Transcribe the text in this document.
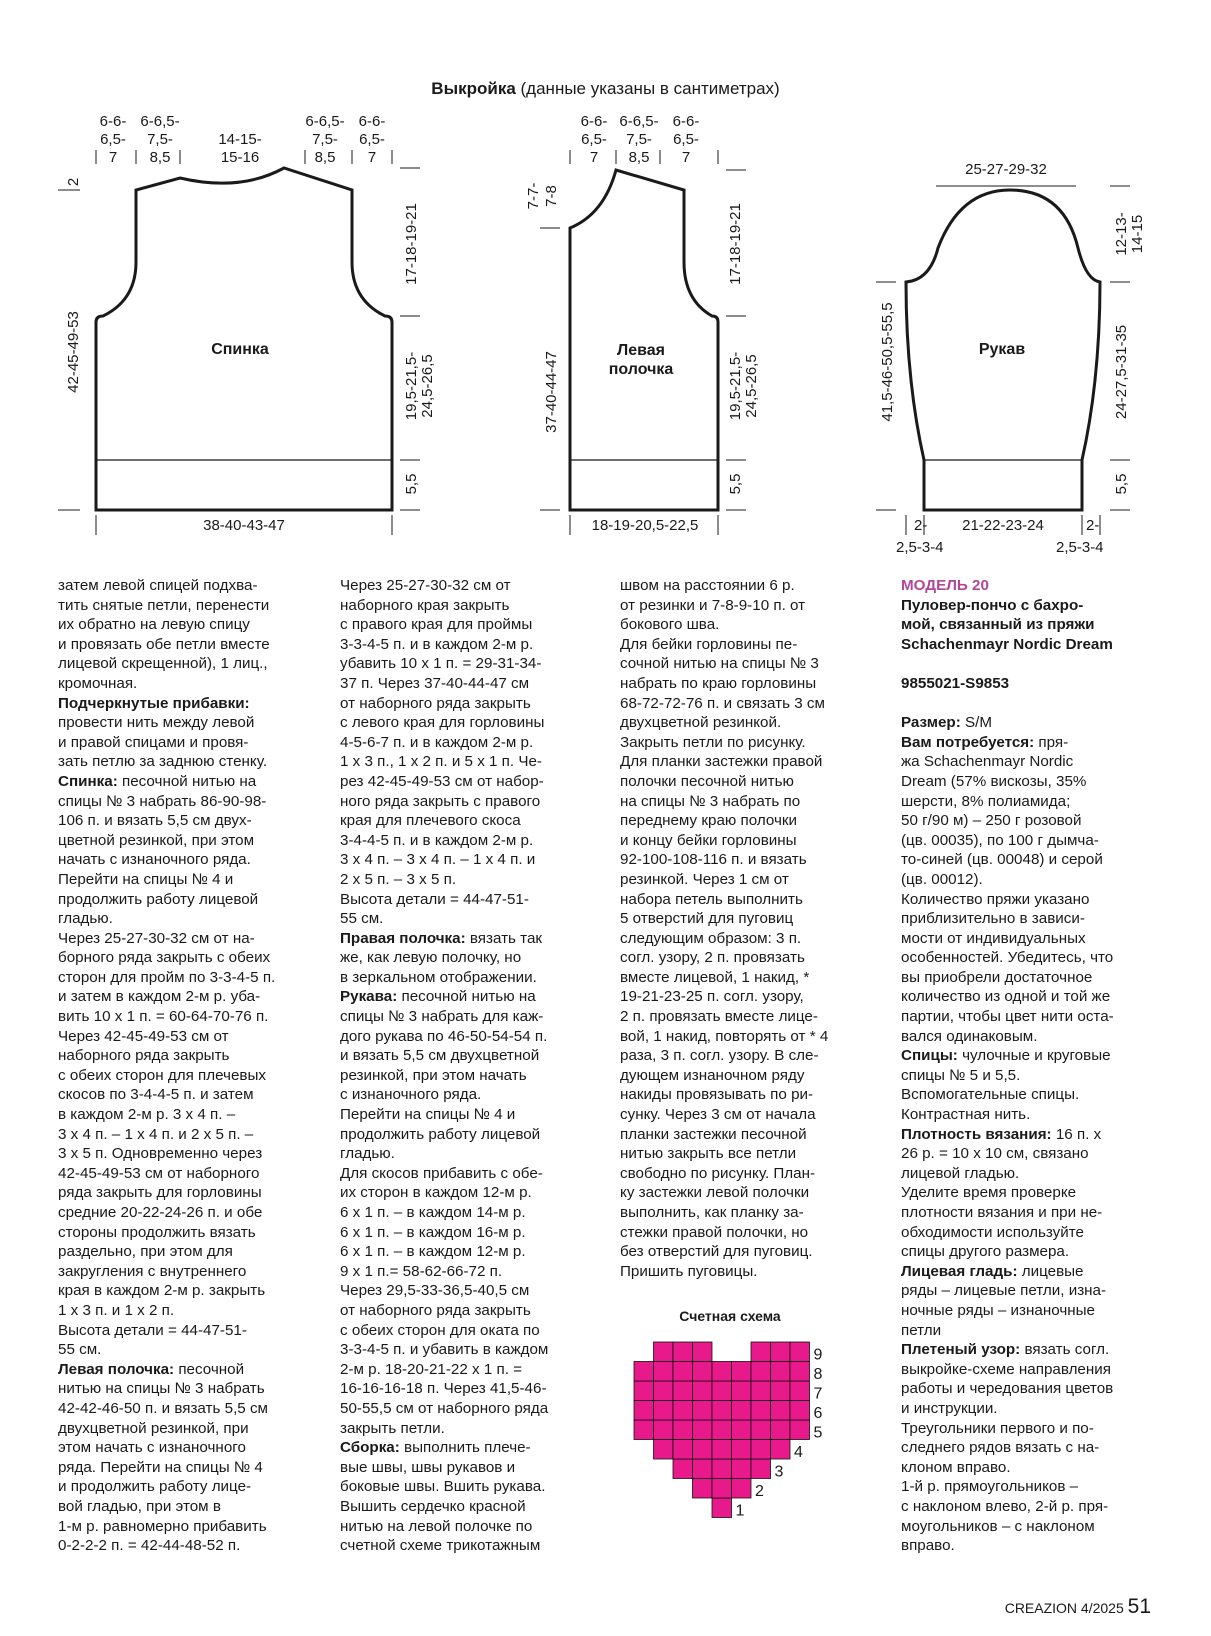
Выкройка (данные указаны в сантиметрах)
Спинка
6-6-
6,5-
7
6-6,5-
7,5-
8,5
14-15-
15-16
6-6,5-
7,5-
8,5
6-6-
6,5-
7
2
42-45-49-53
17-18-19-21
19,5-21,5- 24,5-26,5
5,5
38-40-43-47
Левая
полочка
6-6-
6,5-
7
6-6,5-
7,5-
8,5
6-6-
6,5-
7
7-7- 7-8
37-40-44-47
17-18-19-21
19,5-21,5- 24,5-26,5
5,5
18-19-20,5-22,5
Рукав
25-27-29-32
12-13- 14-15
41,5-46-50,5-55,5	24-27,5-31-35
5,5
2-
2,5-3-4
21-22-23-24	2-
2,5-3-4
затем левой спицей подхва-
тить снятые петли, перенести
их обратно на левую спицу
и провязать обе петли вместе
лицевой скрещенной), 1 лиц.,
кромочная.
Подчеркнутые прибавки:
провести нить между левой
и правой спицами и провя-
зать петлю за заднюю стенку.
Спинка: песочной нитью на
спицы № 3 набрать 86-90-98-
106 п. и вязать 5,5 см двух-
цветной резинкой, при этом
начать с изнаночного ряда.
Перейти на спицы № 4 и
продолжить работу лицевой
гладью.
Через 25-27-30-32 см от на-
борного ряда закрыть с обеих
сторон для пройм по 3-3-4-5 п.
и затем в каждом 2-м р. уба-
вить 10 х 1 п. = 60-64-70-76 п.
Через 42-45-49-53 см от
наборного ряда закрыть
с обеих сторон для плечевых
скосов по 3-4-4-5 п. и затем
в каждом 2-м р. 3 х 4 п. –
3 х 4 п. – 1 х 4 п. и 2 х 5 п. –
3 х 5 п. Одновременно через
42-45-49-53 см от наборного
ряда закрыть для горловины
средние 20-22-24-26 п. и обе
стороны продолжить вязать
раздельно, при этом для
закругления с внутреннего
края в каждом 2-м р. закрыть
1 х 3 п. и 1 х 2 п.
Высота детали = 44-47-51-
55 см.
Левая полочка: песочной
нитью на спицы № 3 набрать
42-42-46-50 п. и вязать 5,5 см
двухцветной резинкой, при
этом начать с изнаночного
ряда. Перейти на спицы № 4
и продолжить работу лице-
вой гладью, при этом в
1-м р. равномерно прибавить
0-2-2-2 п. = 42-44-48-52 п.
Через 25-27-30-32 см от
наборного края закрыть
с правого края для проймы
3-3-4-5 п. и в каждом 2-м р.
убавить 10 х 1 п. = 29-31-34-
37 п. Через 37-40-44-47 см
от наборного ряда закрыть
с левого края для горловины
4-5-6-7 п. и в каждом 2-м р.
1 х 3 п., 1 х 2 п. и 5 х 1 п. Че-
рез 42-45-49-53 см от набор-
ного ряда закрыть с правого
края для плечевого скоса
3-4-4-5 п. и в каждом 2-м р.
3 х 4 п. – 3 х 4 п. – 1 х 4 п. и
2 х 5 п. – 3 х 5 п.
Высота детали = 44-47-51-
55 см.
Правая полочка: вязать так
же, как левую полочку, но
в зеркальном отображении.
Рукава: песочной нитью на
спицы № 3 набрать для каж-
дого рукава по 46-50-54-54 п.
и вязать 5,5 см двухцветной
резинкой, при этом начать
с изнаночного ряда.
Перейти на спицы № 4 и
продолжить работу лицевой
гладью.
Для скосов прибавить с обе-
их сторон в каждом 12-м р.
6 х 1 п. – в каждом 14-м р.
6 х 1 п. – в каждом 16-м р.
6 х 1 п. – в каждом 12-м р.
9 х 1 п.= 58-62-66-72 п.
Через 29,5-33-36,5-40,5 см
от наборного ряда закрыть
с обеих сторон для оката по
3-3-4-5 п. и убавить в каждом
2-м р. 18-20-21-22 х 1 п. =
16-16-16-18 п. Через 41,5-46-
50-55,5 см от наборного ряда
закрыть петли.
Сборка: выполнить плече-
вые швы, швы рукавов и
боковые швы. Вшить рукава.
Вышить сердечко красной
нитью на левой полочке по
счетной схеме трикотажным
швом на расстоянии 6 р.
от резинки и 7-8-9-10 п. от
бокового шва.
Для бейки горловины пе-
сочной нитью на спицы № 3
набрать по краю горловины
68-72-72-76 п. и связать 3 см
двухцветной резинкой.
Закрыть петли по рисунку.
Для планки застежки правой
полочки песочной нитью
на спицы № 3 набрать по
переднему краю полочки
и концу бейки горловины
92-100-108-116 п. и вязать
резинкой. Через 1 см от
набора петель выполнить
5 отверстий для пуговиц
следующим образом: 3 п.
согл. узору, 2 п. провязать
вместе лицевой, 1 накид, *
19-21-23-25 п. согл. узору,
2 п. провязать вместе лице-
вой, 1 накид, повторять от * 4
раза, 3 п. согл. узору. В сле-
дующем изнаночном ряду
накиды провязывать по ри-
сунку. Через 3 см от начала
планки застежки песочной
нитью закрыть все петли
свободно по рисунку. План-
ку застежки левой полочки
выполнить, как планку за-
стежки правой полочки, но
без отверстий для пуговиц.
Пришить пуговицы.
МОДЕЛЬ 20
Пуловер-пончо с бахро-
мой, связанный из пряжи
Schachenmayr Nordic Dream

9855021-S9853

Размер: S/M
Вам потребуется: пря-
жа Schachenmayr Nordic
Dream (57% вискозы, 35%
шерсти, 8% полиамида;
50 г/90 м) – 250 г розовой
(цв. 00035), по 100 г дымча-
то-синей (цв. 00048) и серой
(цв. 00012).
Количество пряжи указано
приблизительно в зависи-
мости от индивидуальных
особенностей. Убедитесь, что
вы приобрели достаточное
количество из одной и той же
партии, чтобы цвет нити оста-
вался одинаковым.
Спицы: чулочные и круговые
спицы № 5 и 5,5.
Вспомогательные спицы.
Контрастная нить.
Плотность вязания: 16 п. х
26 р. = 10 х 10 см, связано
лицевой гладью.
Уделите время проверке
плотности вязания и при не-
обходимости используйте
спицы другого размера.
Лицевая гладь: лицевые
ряды – лицевые петли, изна-
ночные ряды – изнаночные
петли
Плетеный узор: вязать согл.
выкройке-схеме направления
работы и чередования цветов
и инструкции.
Треугольники первого и по-
следнего рядов вязать с на-
клоном вправо.
1-й р. прямоугольников –
с наклоном влево, 2-й р. пря-
моугольников – с наклоном
вправо.
Счетная схема
1
2
3
4
5
6
7
8
9
CREAZION 4/2025 51
